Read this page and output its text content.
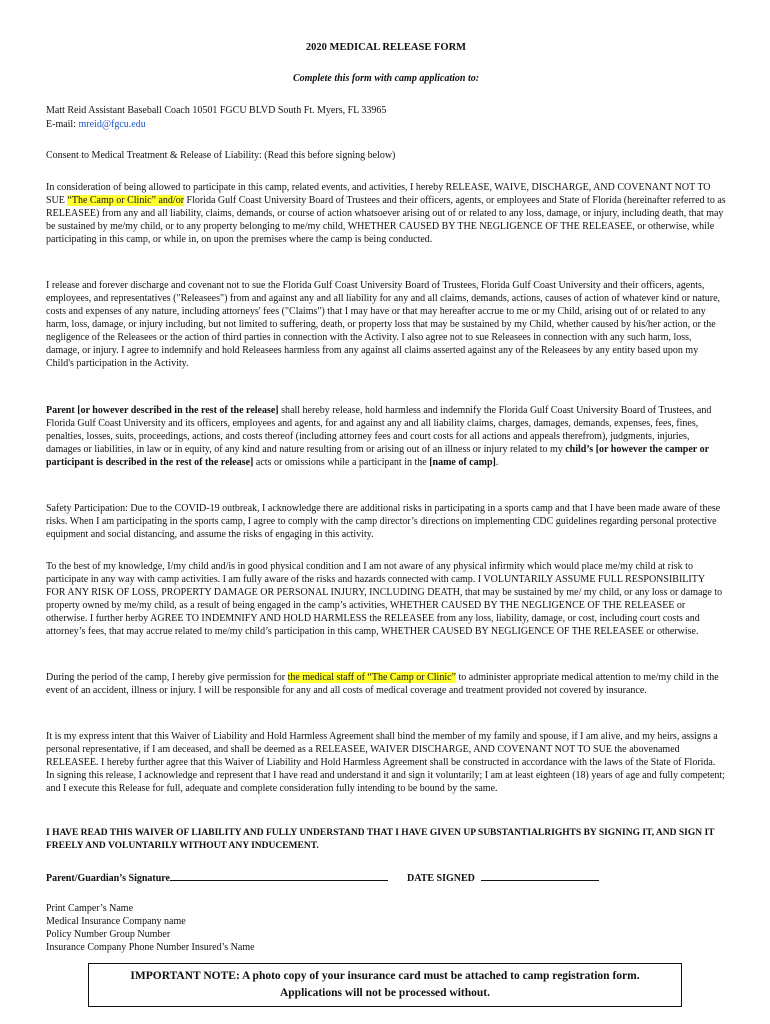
2020 MEDICAL RELEASE FORM

Complete this form with camp application to:

Matt Reid Assistant Baseball Coach 10501 FGCU BLVD South Ft. Myers, FL 33965

E-mail: mreid@fgcu.edu

Consent to Medical Treatment & Release of Liability: (Read this before signing below)

In consideration of being allowed to participate in this camp, related events, and activities, I hereby RELEASE, WAIVE, DISCHARGE, AND COVENANT NOT TO SUE “The Camp or Clinic” and/or Florida Gulf Coast University Board of Trustees and their officers, agents, or employees and State of Florida (hereinafter referred to as RELEASEE) from any and all liability, claims, demands, or course of action whatsoever arising out of or related to any loss, damage, or injury, including death, that may be sustained by me/my child, or to any property belonging to me/my child, WHETHER CAUSED BY THE NEGLIGENCE OF THE RELEASEE, or otherwise, while participating in this camp, or while in, on upon the premises where the camp is being conducted.

I release and forever discharge and covenant not to sue the Florida Gulf Coast University Board of Trustees, Florida Gulf Coast University and their officers, agents, employees, and representatives ("Releasees") from and against any and all liability for any and all claims, demands, actions, causes of action of whatever kind or nature, costs and expenses of any nature, including attorneys' fees ("Claims") that I may have or that may hereafter accrue to me or my Child, arising out of or related to any harm, loss, damage, or injury including, but not limited to suffering, death, or property loss that may be sustained by my Child, whether caused by his/her action, or the negligence of the Releasees or the action of third parties in connection with the Activity. I also agree not to sue Releasees in connection with any such harm, loss, damage, or injury. I agree to indemnify and hold Releasees harmless from any against all claims asserted against any of the Releasees by any entity based upon my Child's participation in the Activity.

Parent [or however described in the rest of the release] shall hereby release, hold harmless and indemnify the Florida Gulf Coast University Board of Trustees, and Florida Gulf Coast University and its officers, employees and agents, for and against any and all liability claims, charges, damages, demands, expenses, fees, fines, penalties, losses, suits, proceedings, actions, and costs thereof (including attorney fees and court costs for all actions and appeals therefrom), judgments, injuries, damages or liabilities, in law or in equity, of any kind and nature resulting from or arising out of an illness or injury related to my child’s [or however the camper or participant is described in the rest of the release] acts or omissions while a participant in the [name of camp].

Safety Participation: Due to the COVID-19 outbreak, I acknowledge there are additional risks in participating in a sports camp and that I have been made aware of these risks. When I am participating in the sports camp, I agree to comply with the camp director’s directions on implementing CDC guidelines regarding personal protective equipment and social distancing, and assume the risks of engaging in this activity.

To the best of my knowledge, I/my child and/is in good physical condition and I am not aware of any physical infirmity which would place me/my child at risk to participate in any way with camp activities. I am fully aware of the risks and hazards connected with camp. I VOLUNTARILY ASSUME FULL RESPONSIBILITY FOR ANY RISK OF LOSS, PROPERTY DAMAGE OR PERSONAL INJURY, INCLUDING DEATH, that may be sustained by me/ my child, or any loss or damage to property owned by me/my child, as a result of being engaged in the camp’s activities, WHETHER CAUSED BY THE NEGLIGENCE OF THE RELEASEE or otherwise. I further herby AGREE TO INDEMNIFY AND HOLD HARMLESS the RELEASEE from any loss, liability, damage, or cost, including court costs and attorney’s fees, that may accrue related to me/my child’s participation in this camp, WHETHER CAUSED BY NEGLIGENCE OF THE RELEASEE or otherwise.

During the period of the camp, I hereby give permission for the medical staff of “The Camp or Clinic” to administer appropriate medical attention to me/my child in the event of an accident, illness or injury. I will be responsible for any and all costs of medical coverage and treatment provided not covered by insurance.

It is my express intent that this Waiver of Liability and Hold Harmless Agreement shall bind the member of my family and spouse, if I am alive, and my heirs, assigns a personal representative, if I am deceased, and shall be deemed as a RELEASEE, WAIVER DISCHARGE, AND COVENANT NOT TO SUE the abovenamed RELEASEE. I hereby further agree that this Waiver of Liability and Hold Harmless Agreement shall be constructed in accordance with the laws of the State of Florida. In signing this release, I acknowledge and represent that I have read and understand it and sign it voluntarily; I am at least eighteen (18) years of age and fully competent; and I execute this Release for full, adequate and complete consideration fully intending to be bound by the same.

I HAVE READ THIS WAIVER OF LIABILITY AND FULLY UNDERSTAND THAT I HAVE GIVEN UP SUBSTANTIALRIGHTS BY SIGNING IT, AND SIGN IT FREELY AND VOLUNTARILY WITHOUT ANY INDUCEMENT.

Parent/Guardian’s Signature	DATE SIGNED

Print Camper’s Name

Medical Insurance Company name

Policy Number Group Number

Insurance Company Phone Number Insured’s Name

IMPORTANT NOTE: A photo copy of your insurance card must be attached to camp registration form.
Applications will not be processed without.
